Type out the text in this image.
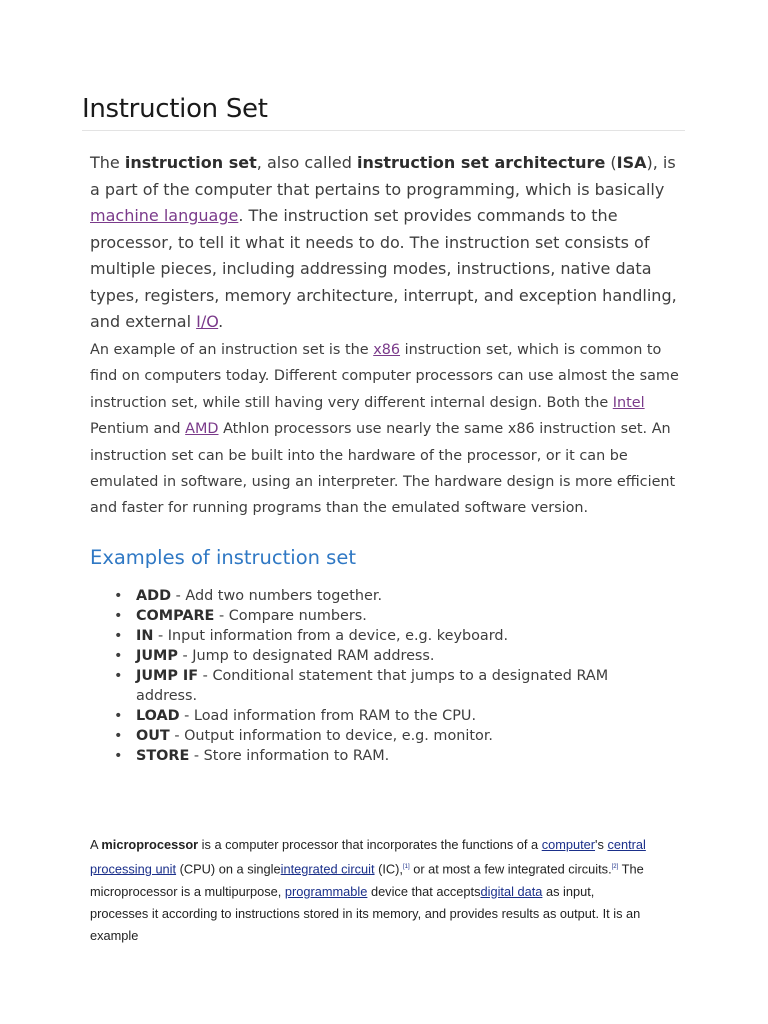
Instruction Set

The instruction set, also called instruction set architecture (ISA), is a part of the computer that pertains to programming, which is basically machine language. The instruction set provides commands to the processor, to tell it what it needs to do. The instruction set consists of multiple pieces, including addressing modes, instructions, native data types, registers, memory architecture, interrupt, and exception handling, and external I/O.

An example of an instruction set is the x86 instruction set, which is common to find on computers today. Different computer processors can use almost the same instruction set, while still having very different internal design. Both the Intel Pentium and AMD Athlon processors use nearly the same x86 instruction set. An instruction set can be built into the hardware of the processor, or it can be emulated in software, using an interpreter. The hardware design is more efficient and faster for running programs than the emulated software version.

Examples of instruction set
• ADD - Add two numbers together.
• COMPARE - Compare numbers.
• IN - Input information from a device, e.g. keyboard.
• JUMP - Jump to designated RAM address.
• JUMP IF - Conditional statement that jumps to a designated RAM address.
• LOAD - Load information from RAM to the CPU.
• OUT - Output information to device, e.g. monitor.
• STORE - Store information to RAM.

A microprocessor is a computer processor that incorporates the functions of a computer's central processing unit (CPU) on a singleintegrated circuit (IC),[1] or at most a few integrated circuits.[2] The microprocessor is a multipurpose, programmable device that acceptsdigital data as input, processes it according to instructions stored in its memory, and provides results as output. It is an example
